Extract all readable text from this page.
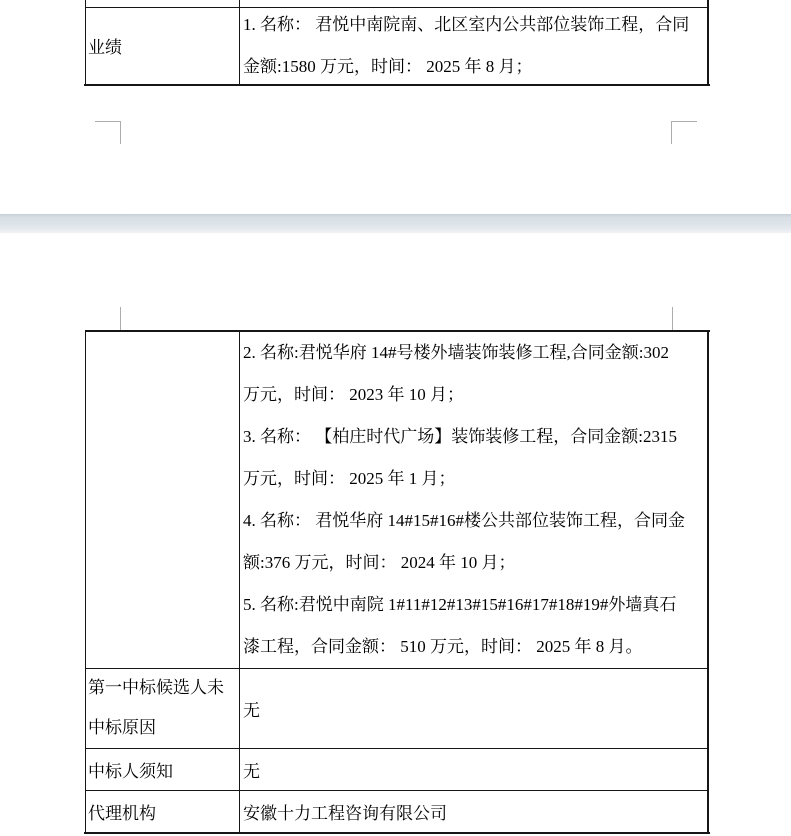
业绩
1. 名称： 君悦中南院南、北区室内公共部位装饰工程，合同
金额:1580 万元，时间： 2025 年 8 月；
2. 名称:君悦华府 14#号楼外墙装饰装修工程,合同金额:302
万元，时间： 2023 年 10 月；
3. 名称： 【柏庄时代广场】装饰装修工程，合同金额:2315
万元，时间： 2025 年 1 月；
4. 名称： 君悦华府 14#15#16#楼公共部位装饰工程，合同金
额:376 万元，时间： 2024 年 10 月；
5. 名称:君悦中南院 1#11#12#13#15#16#17#18#19#外墙真石
漆工程，合同金额： 510 万元，时间： 2025 年 8 月。
第一中标候选人未中标原因
无
中标人须知	无
代理机构	安徽十力工程咨询有限公司
